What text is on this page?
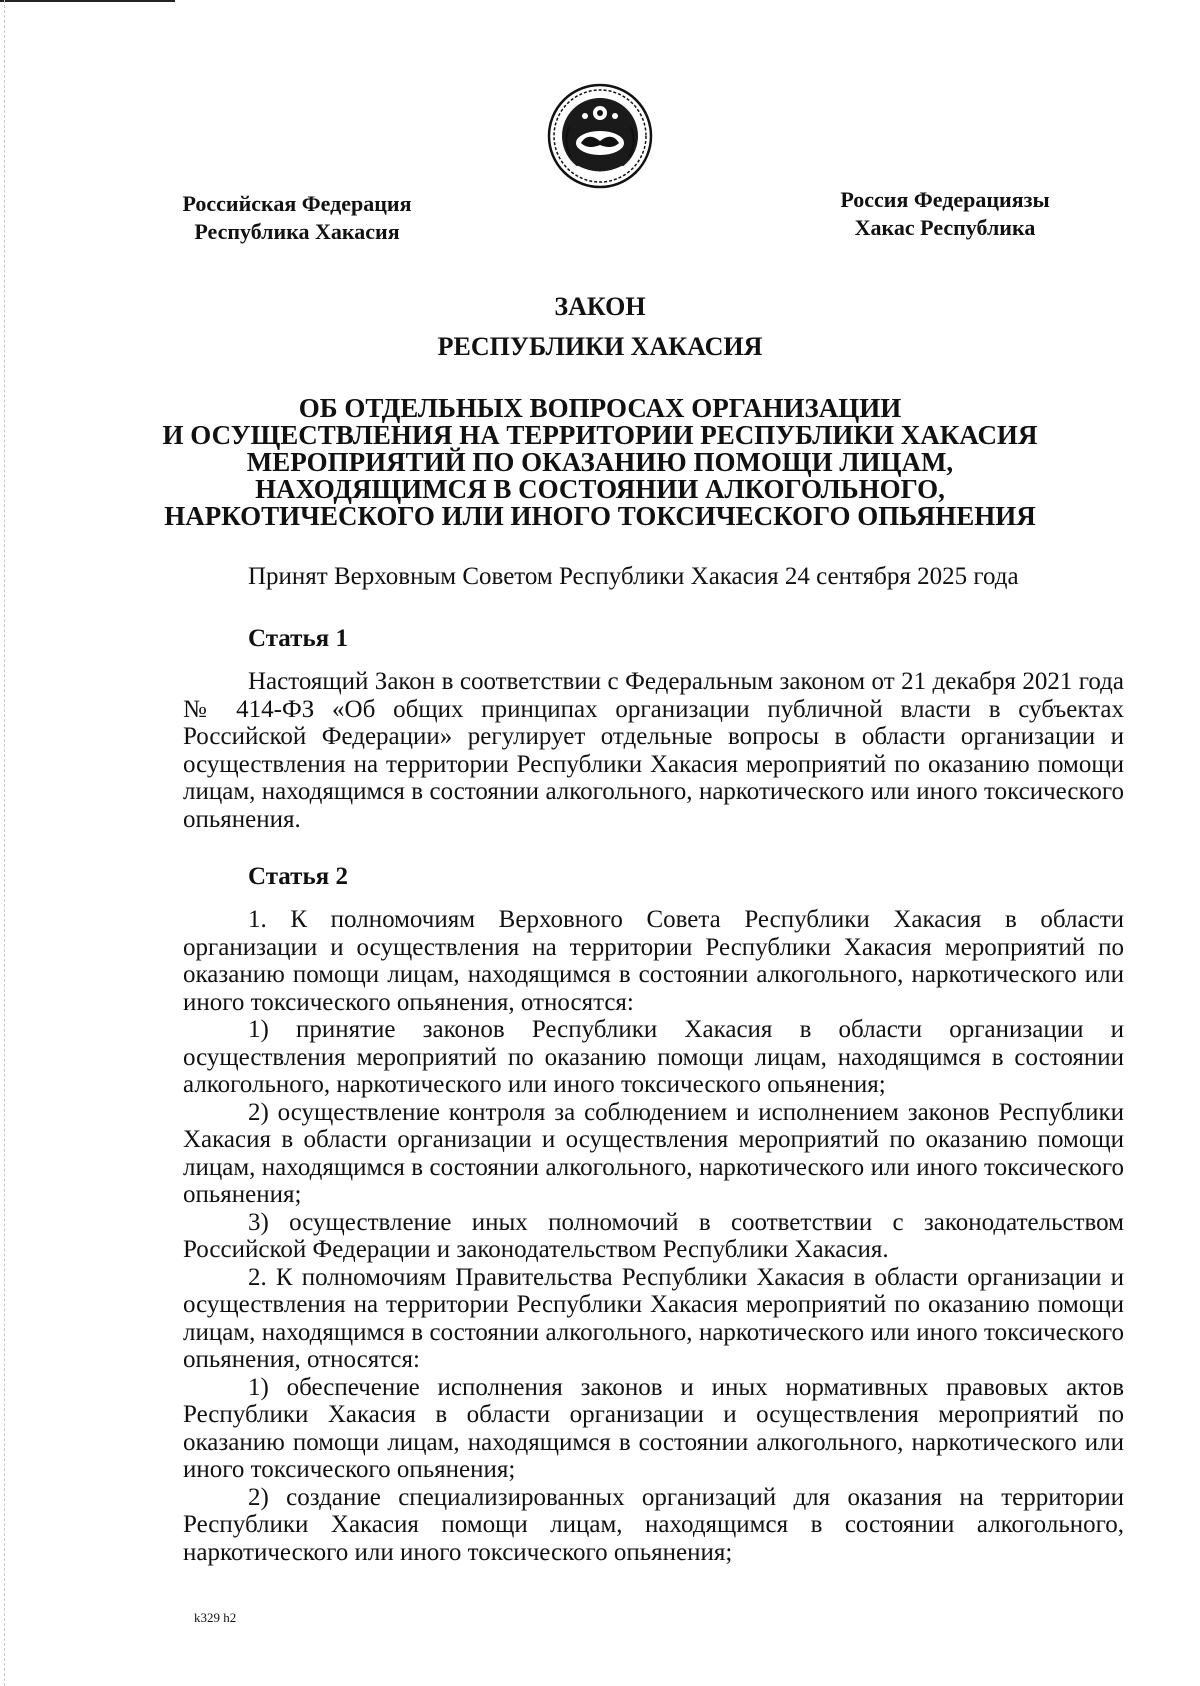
Российская Федерация
Республика Хакасия
Россия Федерациязы
Хакас Республика
ЗАКОН
РЕСПУБЛИКИ ХАКАСИЯ
ОБ ОТДЕЛЬНЫХ ВОПРОСАХ ОРГАНИЗАЦИИ
И ОСУЩЕСТВЛЕНИЯ НА ТЕРРИТОРИИ РЕСПУБЛИКИ ХАКАСИЯ
МЕРОПРИЯТИЙ ПО ОКАЗАНИЮ ПОМОЩИ ЛИЦАМ,
НАХОДЯЩИМСЯ В СОСТОЯНИИ АЛКОГОЛЬНОГО,
НАРКОТИЧЕСКОГО ИЛИ ИНОГО ТОКСИЧЕСКОГО ОПЬЯНЕНИЯ
Принят Верховным Советом Республики Хакасия 24 сентября 2025 года
Статья 1
Настоящий Закон в соответствии с Федеральным законом от 21 декабря 2021 года № 414-ФЗ «Об общих принципах организации публичной власти в субъектах Российской Федерации» регулирует отдельные вопросы в области организации и осуществления на территории Республики Хакасия мероприятий по оказанию помощи лицам, находящимся в состоянии алкогольного, наркотического или иного токсического опьянения.
Статья 2
1. К полномочиям Верховного Совета Республики Хакасия в области организации и осуществления на территории Республики Хакасия мероприятий по оказанию помощи лицам, находящимся в состоянии алкогольного, наркотического или иного токсического опьянения, относятся:
1) принятие законов Республики Хакасия в области организации и осуществления мероприятий по оказанию помощи лицам, находящимся в состоянии алкогольного, наркотического или иного токсического опьянения;
2) осуществление контроля за соблюдением и исполнением законов Республики Хакасия в области организации и осуществления мероприятий по оказанию помощи лицам, находящимся в состоянии алкогольного, наркотического или иного токсического опьянения;
3) осуществление иных полномочий в соответствии с законодательством Российской Федерации и законодательством Республики Хакасия.
2. К полномочиям Правительства Республики Хакасия в области организации и осуществления на территории Республики Хакасия мероприятий по оказанию помощи лицам, находящимся в состоянии алкогольного, наркотического или иного токсического опьянения, относятся:
1) обеспечение исполнения законов и иных нормативных правовых актов Республики Хакасия в области организации и осуществления мероприятий по оказанию помощи лицам, находящимся в состоянии алкогольного, наркотического или иного токсического опьянения;
2) создание специализированных организаций для оказания на территории Республики Хакасия помощи лицам, находящимся в состоянии алкогольного, наркотического или иного токсического опьянения;
k329 h2
